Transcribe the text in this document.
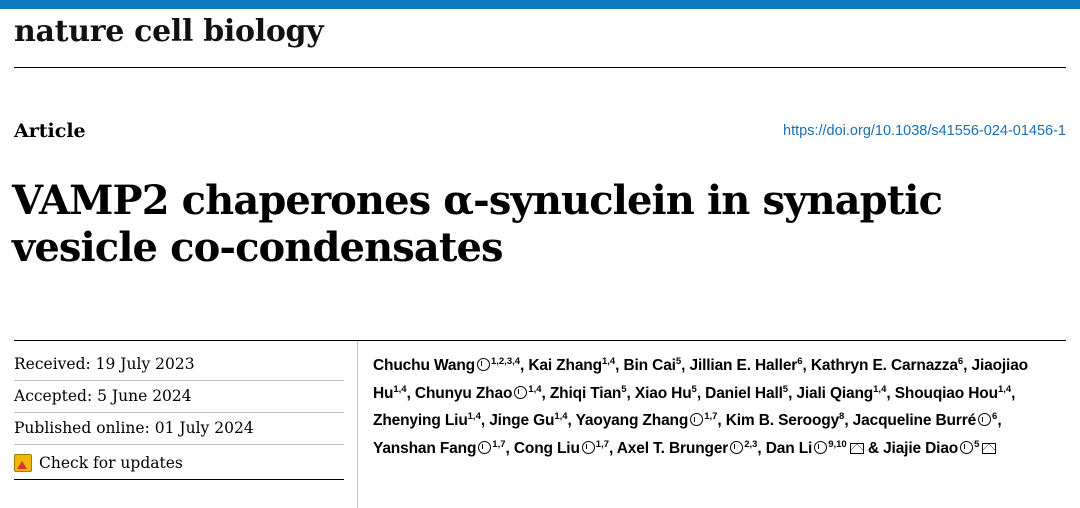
nature cell biology
Article	https://doi.org/10.1038/s41556-024-01456-1
VAMP2 chaperones α-synuclein in synaptic vesicle co-condensates
Received: 19 July 2023
Accepted: 5 June 2024
Published online: 01 July 2024
Check for updates
Chuchu Wang $^{1,2,3,4}$, Kai Zhang$^{1,4}$, Bin Cai$^5$, Jillian E. Haller$^6$, Kathryn E. Carnazza$^6$, Jiaojiao Hu$^{1,4}$, Chunyu Zhao $^{1,4}$, Zhiqi Tian$^5$, Xiao Hu$^5$, Daniel Hall$^5$, Jiali Qiang$^{1,4}$, Shouqiao Hou$^{1,4}$, Zhenying Liu$^{1,4}$, Jinge Gu$^{1,4}$, Yaoyang Zhang $^{1,7}$, Kim B. Seroogy$^8$, Jacqueline Burré $^6$, Yanshan Fang $^{1,7}$, Cong Liu $^{1,7}$, Axel T. Brunger $^{2,3}$, Dan Li $^{9,10}$ & Jiajie Diao $^5$
